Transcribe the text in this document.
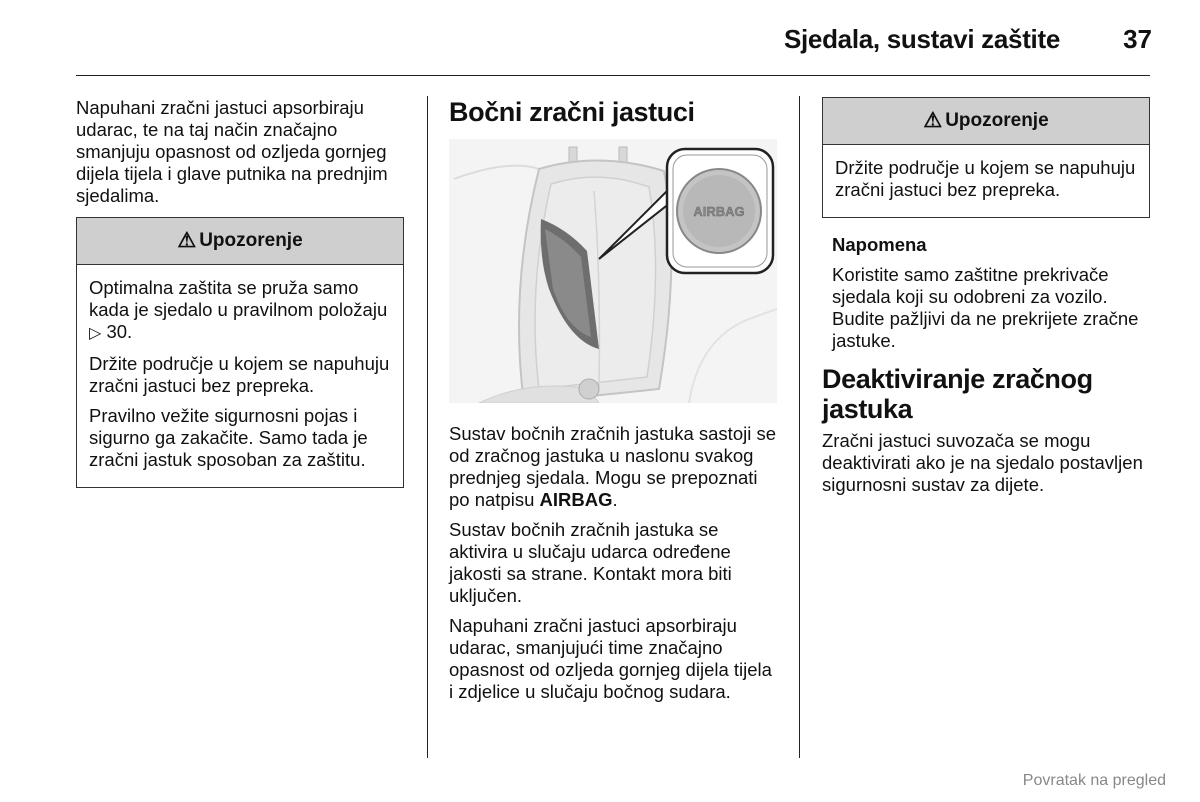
Sjedala, sustavi zaštite 37

Napuhani zračni jastuci apsorbiraju udarac, te na taj način značajno smanjuju opasnost od ozljeda gornjeg dijela tijela i glave putnika na prednjim sjedalima.

⚠ Upozorenje

Optimalna zaštita se pruža samo kada je sjedalo u pravilnom položaju ▷ 30.

Držite područje u kojem se napuhuju zračni jastuci bez prepreka.

Pravilno vežite sigurnosni pojas i sigurno ga zakačite. Samo tada je zračni jastuk sposoban za zaštitu.

Bočni zračni jastuci
AIRBAG

Sustav bočnih zračnih jastuka sastoji se od zračnog jastuka u naslonu svakog prednjeg sjedala. Mogu se prepoznati po natpisu AIRBAG.

Sustav bočnih zračnih jastuka se aktivira u slučaju udarca određene jakosti sa strane. Kontakt mora biti uključen.

Napuhani zračni jastuci apsorbiraju udarac, smanjujući time značajno opasnost od ozljeda gornjeg dijela tijela i zdjelice u slučaju bočnog sudara.

⚠ Upozorenje

Držite područje u kojem se napuhuju zračni jastuci bez prepreka.

Napomena

Koristite samo zaštitne prekrivače sjedala koji su odobreni za vozilo. Budite pažljivi da ne prekrijete zračne jastuke.

Deaktiviranje zračnog jastuka

Zračni jastuci suvozača se mogu deaktivirati ako je na sjedalo postavljen sigurnosni sustav za dijete.

Povratak na pregled
